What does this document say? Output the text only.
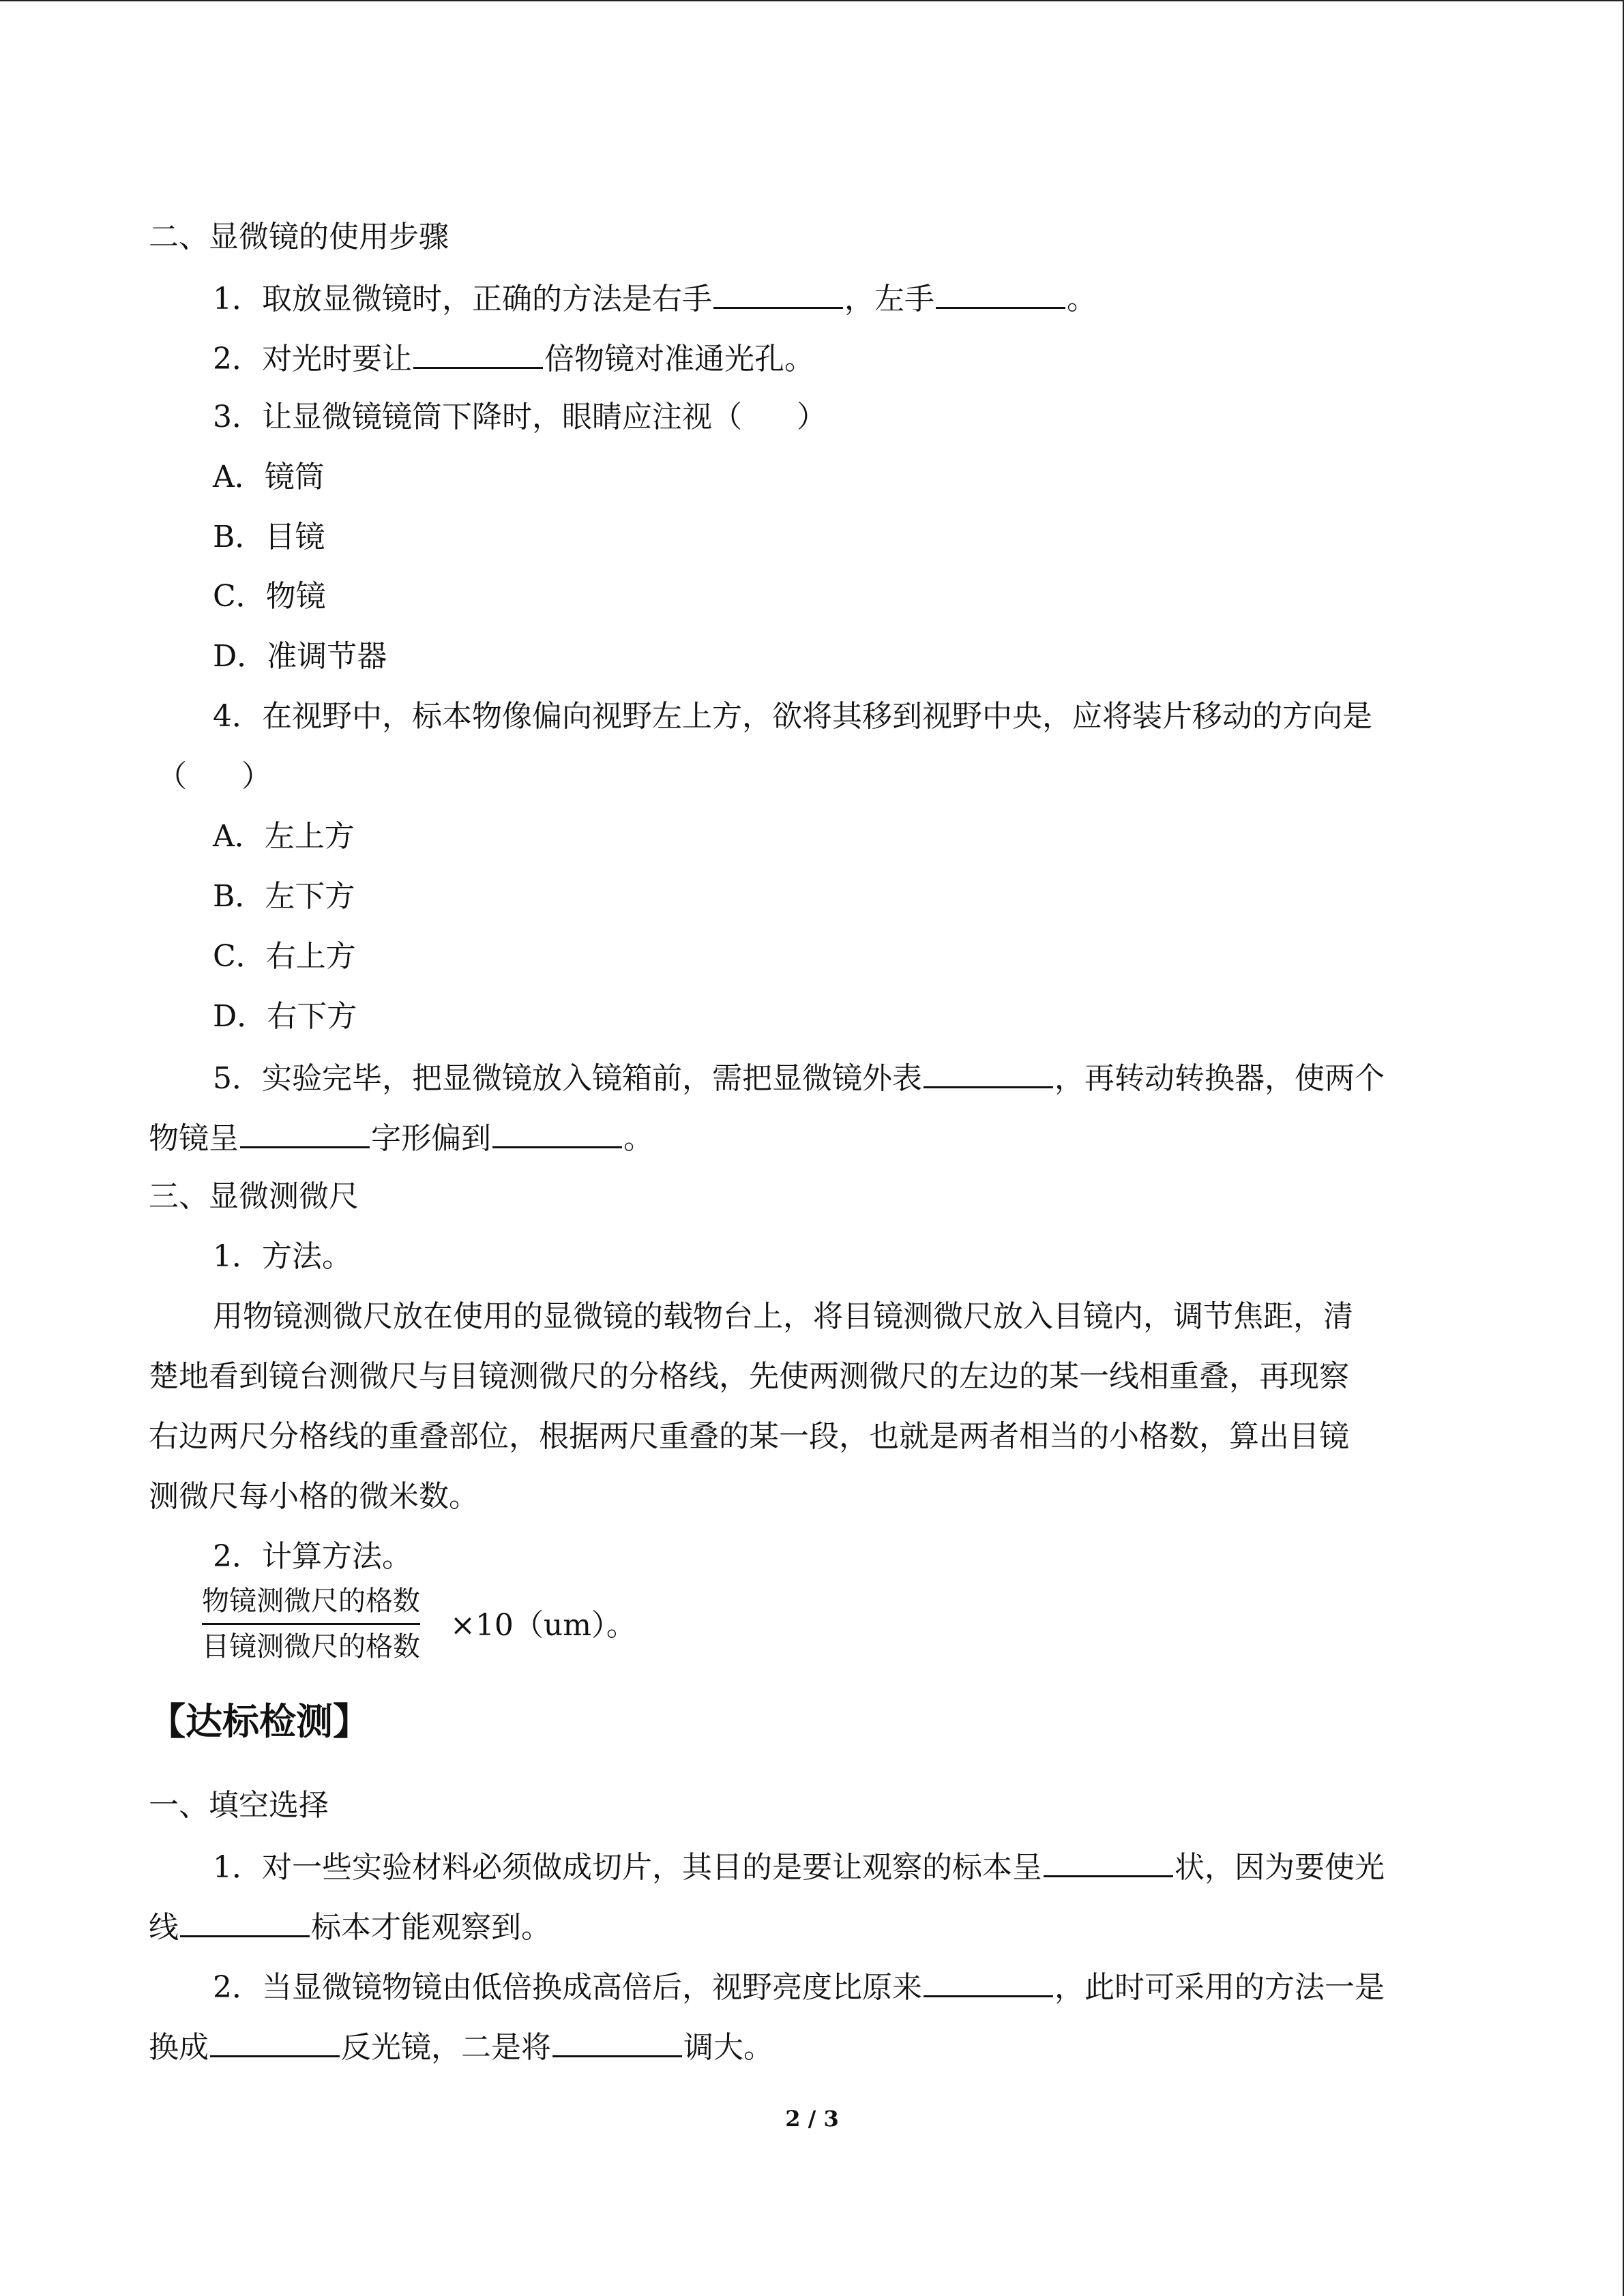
二、显微镜的使用步骤
1．取放显微镜时，正确的方法是右手	，左手	。
2．对光时要让	倍物镜对准通光孔。
3．让显微镜镜筒下降时，眼睛应注视（ ）
A．镜筒
B．目镜
C．物镜
D．准调节器
4．在视野中，标本物像偏向视野左上方，欲将其移到视野中央，应将装片移动的方向是
（ ）
A．左上方
B．左下方
C．右上方
D．右下方
5．实验完毕，把显微镜放入镜箱前，需把显微镜外表	，再转动转换器，使两个
物镜呈	字形偏到	。
三、显微测微尺
1．方法。
用物镜测微尺放在使用的显微镜的载物台上，将目镜测微尺放入目镜内，调节焦距，清
楚地看到镜台测微尺与目镜测微尺的分格线，先使两测微尺的左边的某一线相重叠，再现察
右边两尺分格线的重叠部位，根据两尺重叠的某一段，也就是两者相当的小格数，算出目镜
测微尺每小格的微米数。
2．计算方法。
物镜测微尺的格数
目镜测微尺的格数
×10（um）。
【达标检测】
一、填空选择
1．对一些实验材料必须做成切片，其目的是要让观察的标本呈	状，因为要使光
线	标本才能观察到。
2．当显微镜物镜由低倍换成高倍后，视野亮度比原来	，此时可采用的方法一是
换成	反光镜，二是将	调大。
2 / 3
